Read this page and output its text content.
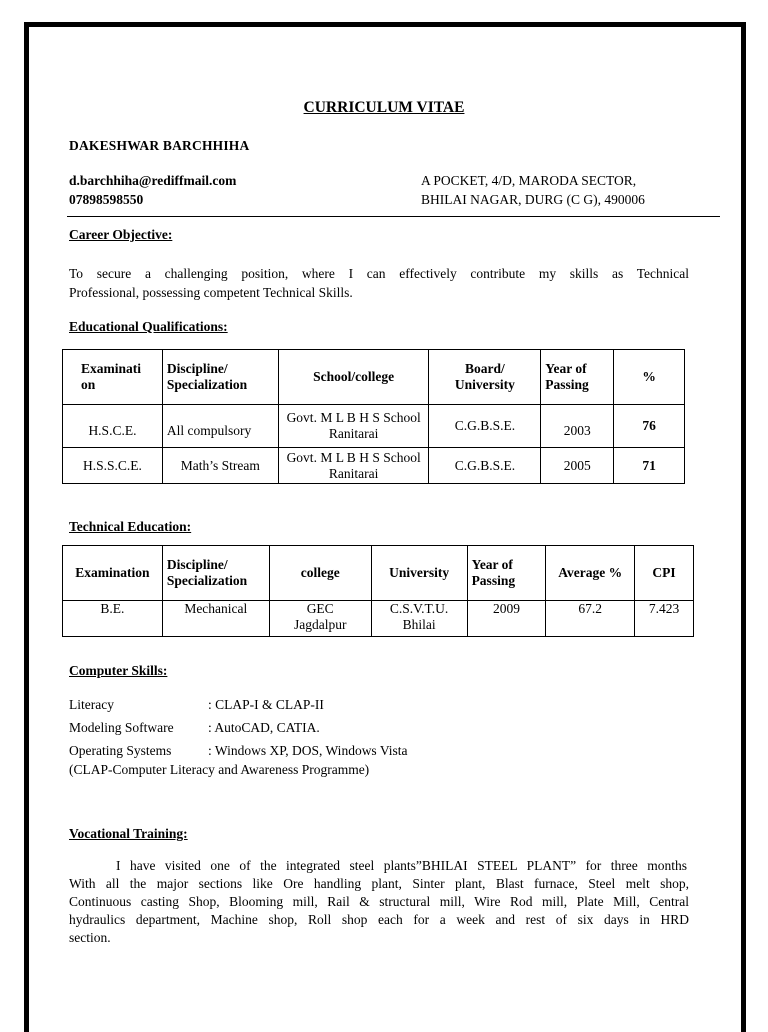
CURRICULUM VITAE
DAKESHWAR BARCHHIHA
d.barchhiha@rediffmail.com
07898598550
A POCKET, 4/D, MARODA SECTOR,
BHILAI NAGAR, DURG (C G), 490006
Career Objective:
To secure a challenging position, where I can effectively contribute my skills as Technical
Professional, possessing competent Technical Skills.
Educational Qualifications:
Examinati on	Discipline/ Specialization	School/college	Board/ University	Year of Passing	%
H.S.C.E.	All compulsory	Govt. M L B H S School Ranitarai	C.G.B.S.E.	2003	76
H.S.S.C.E.	Math’s Stream	Govt. M L B H S School Ranitarai	C.G.B.S.E.	2005	71
Technical Education:
Examination	Discipline/ Specialization	college	University	Year of Passing	Average %	CPI
B.E.	Mechanical	GEC Jagdalpur	C.S.V.T.U. Bhilai	2009	67.2	7.423
Computer Skills:
Literacy	: CLAP-I & CLAP-II
Modeling Software	: AutoCAD, CATIA.
Operating Systems	: Windows XP, DOS, Windows Vista
(CLAP-Computer Literacy and Awareness Programme)
Vocational Training:
I have visited one of the integrated steel plants”BHILAI STEEL PLANT” for three months
With all the major sections like Ore handling plant, Sinter plant, Blast furnace, Steel melt shop,
Continuous casting Shop, Blooming mill, Rail & structural mill, Wire Rod mill, Plate Mill, Central
hydraulics department, Machine shop, Roll shop each for a week and rest of six days in HRD
section.
